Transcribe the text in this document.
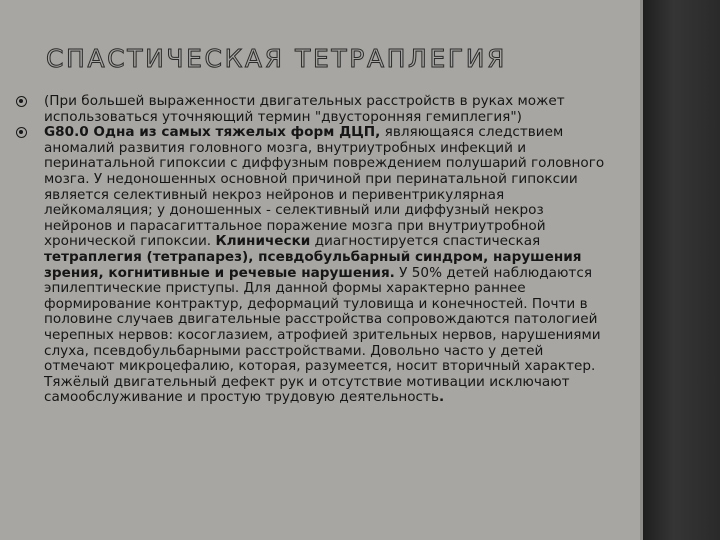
СПАСТИЧЕСКАЯ ТЕТРАПЛЕГИЯ
(При большей выраженности двигательных расстройств в руках может использоваться уточняющий термин "двусторонняя гемиплегия")
G80.0 Одна из самых тяжелых форм ДЦП, являющаяся следствием аномалий развития головного мозга, внутриутробных инфекций и перинатальной гипоксии с диффузным повреждением полушарий головного мозга. У недоношенных основной причиной при перинатальной гипоксии является селективный некроз нейронов и перивентрикулярная лейкомаляция; у доношенных - селективный или диффузный некроз нейронов и парасагиттальное поражение мозга при внутриутробной хронической гипоксии. Клинически диагностируется спастическая тетраплегия (тетрапарез), псевдобульбарный синдром, нарушения зрения, когнитивные и речевые нарушения. У 50% детей наблюдаются эпилептические приступы. Для данной формы характерно раннее формирование контрактур, деформаций туловища и конечностей. Почти в половине случаев двигательные расстройства сопровождаются патологией черепных нервов: косоглазием, атрофией зрительных нервов, нарушениями слуха, псевдобульбарными расстройствами. Довольно часто у детей отмечают микроцефалию, которая, разумеется, носит вторичный характер. Тяжёлый двигательный дефект рук и отсутствие мотивации исключают самообслуживание и простую трудовую деятельность.
